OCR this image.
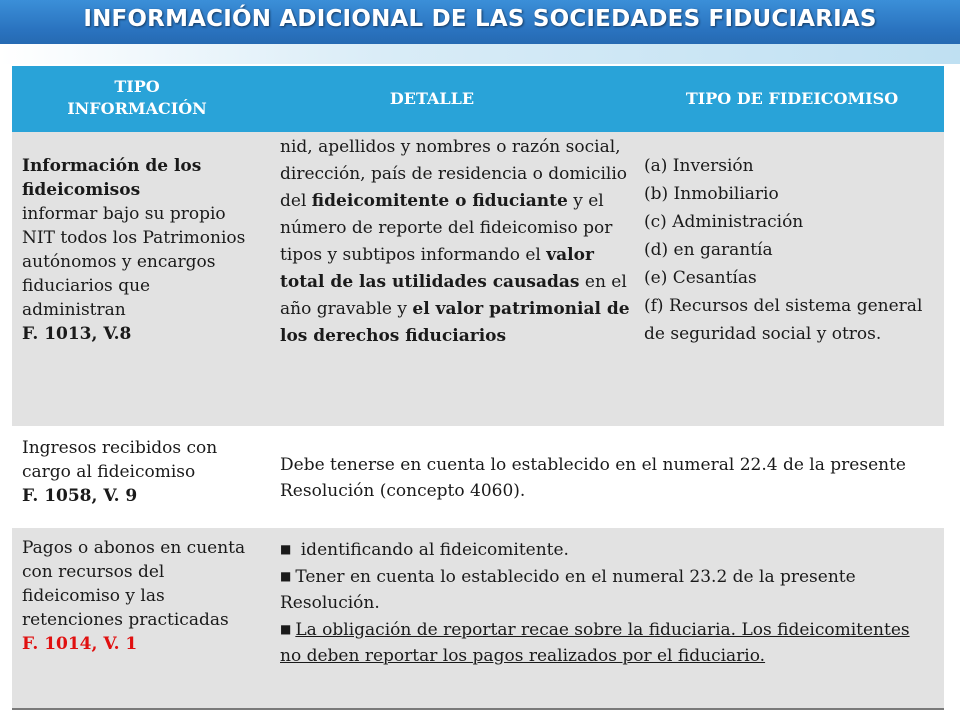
INFORMACIÓN ADICIONAL DE LAS SOCIEDADES FIDUCIARIAS
TIPO INFORMACIÓN
DETALLE	TIPO DE FIDEICOMISO
Información de los fideicomisos
informar bajo su propio NIT todos los Patrimonios autónomos y encargos fiduciarios que administran
F. 1013, V.8
nid, apellidos y nombres o razón social, dirección, país de residencia o domicilio del fideicomitente o fiduciante y el número de reporte del fideicomiso por tipos y subtipos informando el valor total de las utilidades causadas en el año gravable y el valor patrimonial de los derechos fiduciarios
(a) Inversión
(b) Inmobiliario
(c) Administración
(d) en garantía
(e) Cesantías
(f) Recursos del sistema general de seguridad social y otros.
Ingresos recibidos con cargo al fideicomiso
F. 1058, V. 9
Debe tenerse en cuenta lo establecido en el numeral 22.4 de la presente Resolución (concepto 4060).
Pagos o abonos en cuenta con recursos del fideicomiso y las retenciones practicadas
F. 1014, V. 1
■ identificando al fideicomitente.
■ Tener en cuenta lo establecido en el numeral 23.2 de la presente Resolución.
■ La obligación de reportar recae sobre la fiduciaria. Los fideicomitentes no deben reportar los pagos realizados por el fiduciario.
